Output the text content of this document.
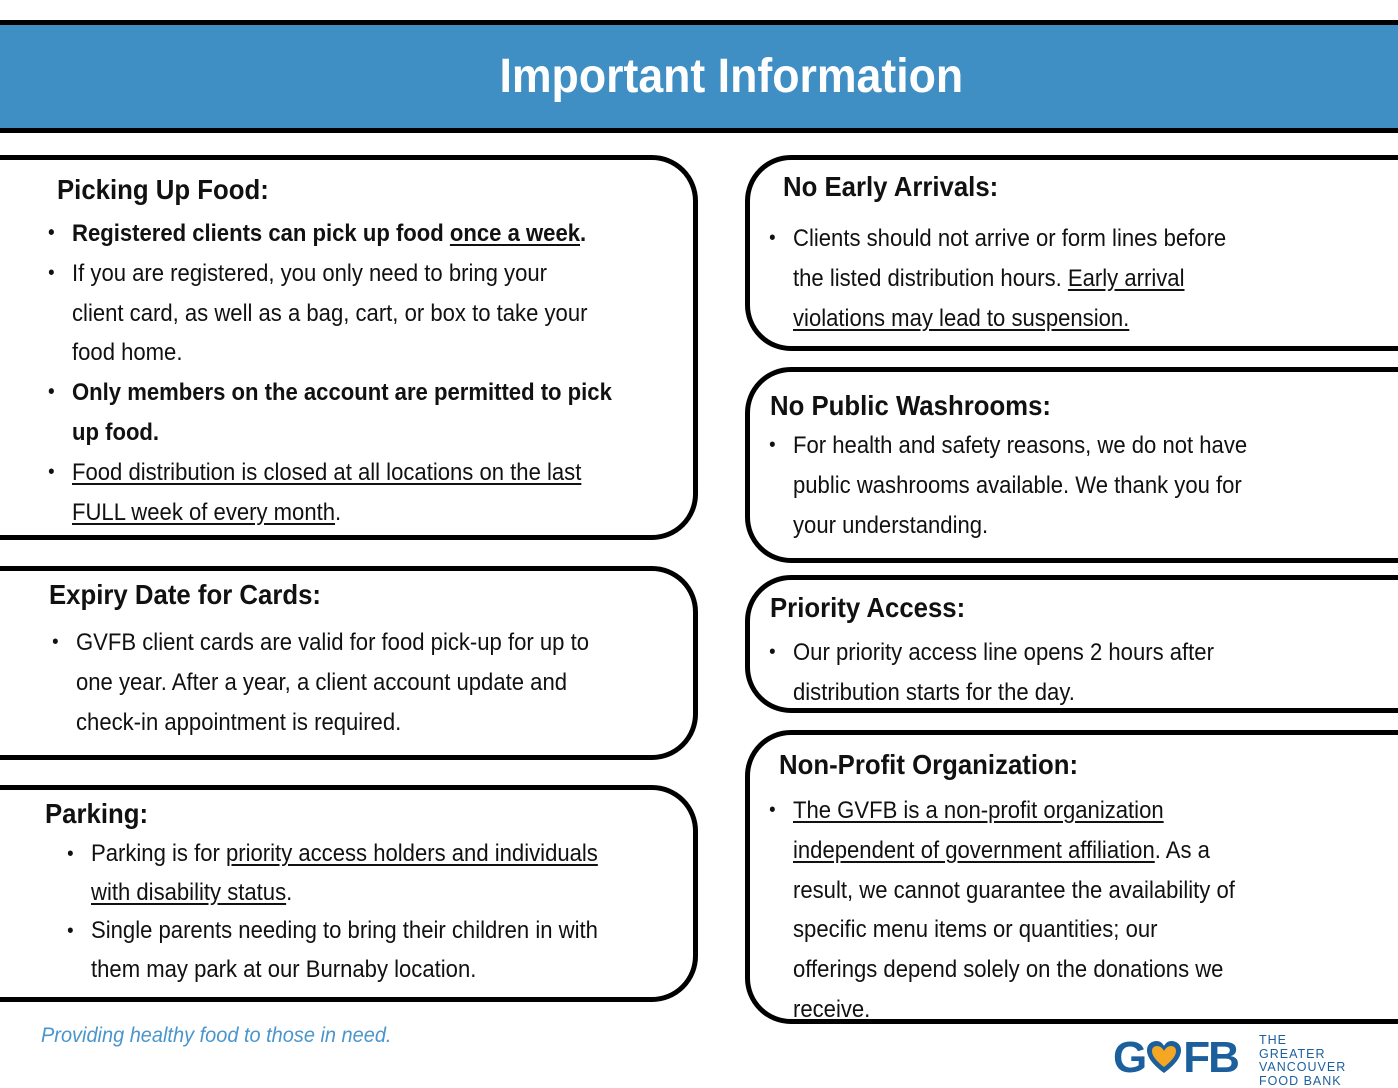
Important Information
Picking Up Food:
• Registered clients can pick up food once a week.
• If you are registered, you only need to bring your
client card, as well as a bag, cart, or box to take your
food home.
• Only members on the account are permitted to pick
up food.
• Food distribution is closed at all locations on the last
FULL week of every month.
Expiry Date for Cards:
• GVFB client cards are valid for food pick-up for up to
one year. After a year, a client account update and
check-in appointment is required.
Parking:
• Parking is for priority access holders and individuals
with disability status.
• Single parents needing to bring their children in with
them may park at our Burnaby location.
No Early Arrivals:
• Clients should not arrive or form lines before
the listed distribution hours. Early arrival
violations may lead to suspension.
No Public Washrooms:
• For health and safety reasons, we do not have
public washrooms available. We thank you for
your understanding.
Priority Access:
• Our priority access line opens 2 hours after
distribution starts for the day.
Non-Profit Organization:
• The GVFB is a non-profit organization
independent of government affiliation. As a
result, we cannot guarantee the availability of
specific menu items or quantities; our
offerings depend solely on the donations we
receive.
Providing healthy food to those in need.	G FB THE GREATER
VANCOUVER
FOOD BANK
